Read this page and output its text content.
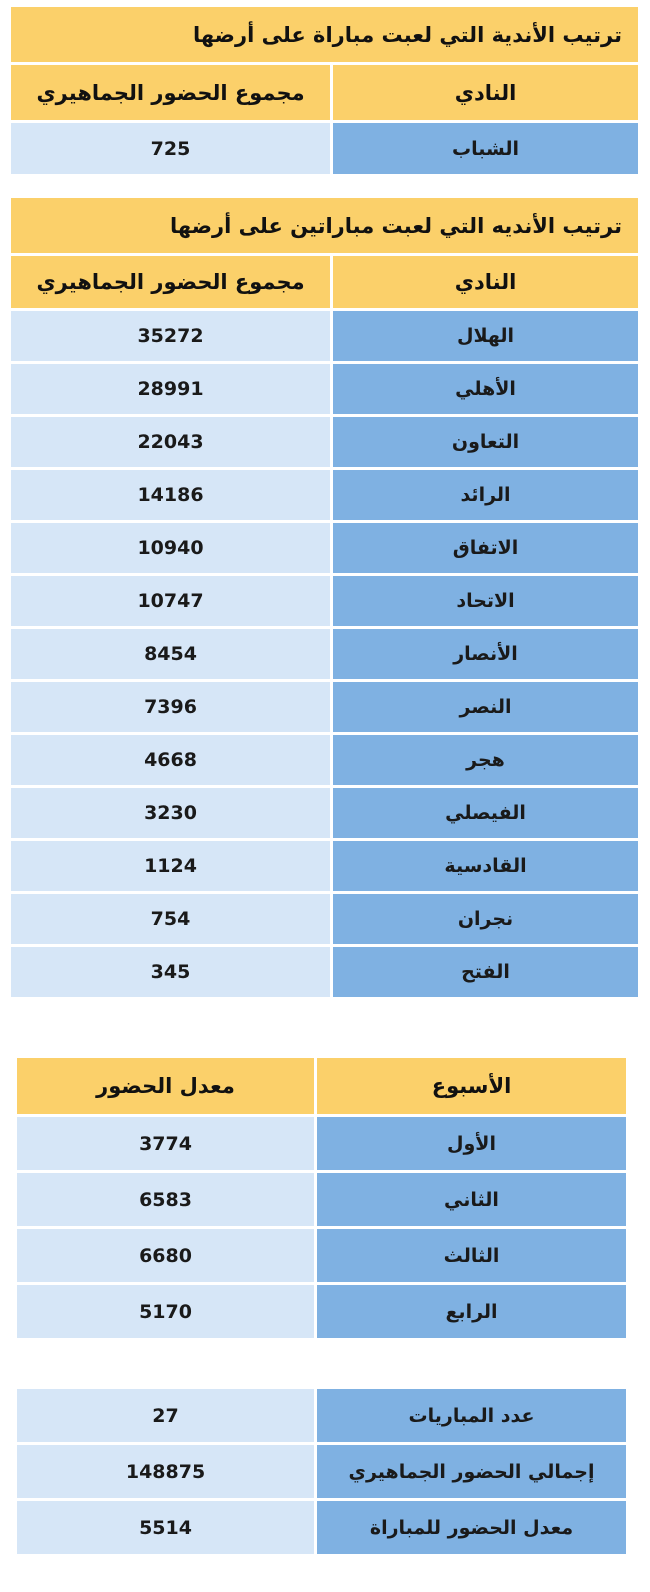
ترتيب الأندية التي لعبت مباراة على أرضها
النادي
مجموع الحضور الجماهيري
الشباب
725
ترتيب الأنديه التي لعبت مباراتين على أرضها
النادي
مجموع الحضور الجماهيري
الهلال
35272
الأهلي
28991
التعاون
22043
الرائد
14186
الاتفاق
10940
الاتحاد
10747
الأنصار
8454
النصر
7396
هجر
4668
الفيصلي
3230
القادسية
1124
نجران
754
الفتح
345
الأسبوع
معدل الحضور
الأول
3774
الثاني
6583
الثالث
6680
الرابع
5170
عدد المباريات
27
إجمالي الحضور الجماهيري
148875
معدل الحضور للمباراة
5514
